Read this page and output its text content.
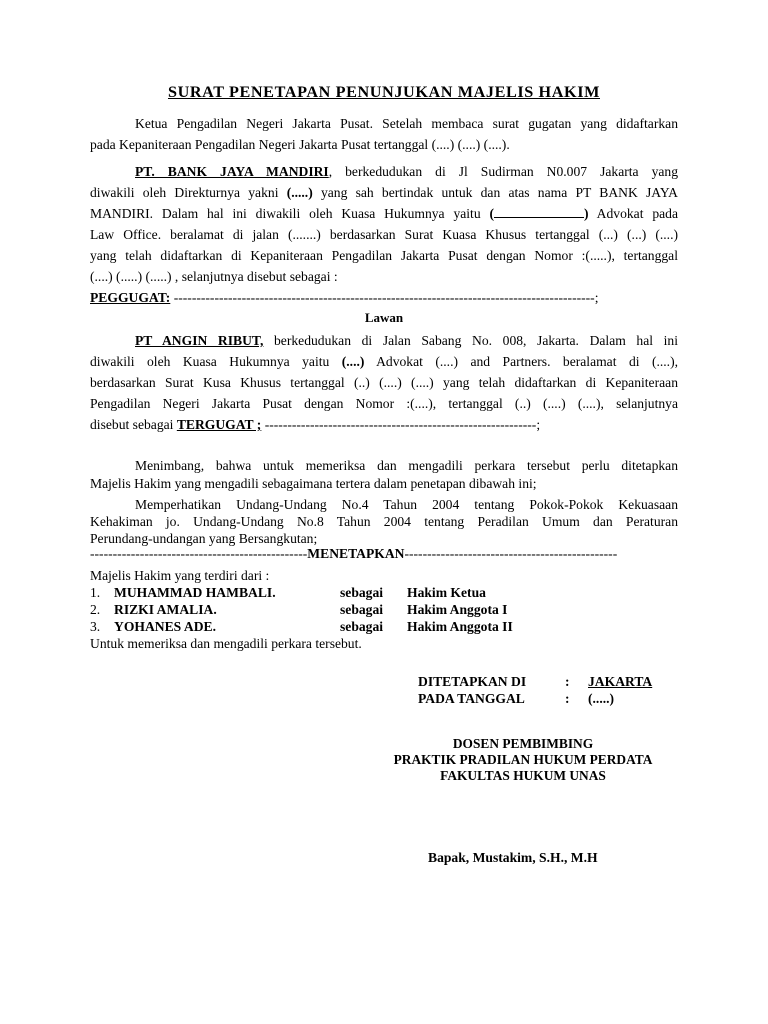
SURAT PENETAPAN PENUNJUKAN MAJELIS HAKIM
Ketua Pengadilan Negeri Jakarta Pusat. Setelah membaca surat gugatan yang didaftarkan
pada Kepaniteraan Pengadilan Negeri Jakarta Pusat tertanggal (....) (....) (....).
PT. BANK JAYA MANDIRI, berkedudukan di Jl Sudirman N0.007 Jakarta yang
diwakili oleh Direkturnya yakni (.....) yang sah bertindak untuk dan atas nama PT BANK JAYA
MANDIRI. Dalam hal ini diwakili oleh Kuasa Hukumnya yaitu (	) Advokat pada
Law Office. beralamat di jalan (.......) berdasarkan Surat Kuasa Khusus tertanggal (...) (...) (....)
yang telah didaftarkan di Kepaniteraan Pengadilan Jakarta Pusat dengan Nomor :(.....), tertanggal
(....) (.....) (.....) , selanjutnya disebut sebagai :
PEGGUGAT: ---------------------------------------------------------------------------------------------;
Lawan
PT ANGIN RIBUT, berkedudukan di Jalan Sabang No. 008, Jakarta. Dalam hal ini
diwakili oleh Kuasa Hukumnya yaitu (....) Advokat (....) and Partners. beralamat di (....),
berdasarkan Surat Kusa Khusus tertanggal (..) (....) (....) yang telah didaftarkan di Kepaniteraan
Pengadilan Negeri Jakarta Pusat dengan Nomor :(....), tertanggal (..) (....) (....), selanjutnya
disebut sebagai TERGUGAT ; ------------------------------------------------------------;
Menimbang, bahwa untuk memeriksa dan mengadili perkara tersebut perlu ditetapkan
Majelis Hakim yang mengadili sebagaimana tertera dalam penetapan dibawah ini;
Memperhatikan Undang-Undang No.4 Tahun 2004 tentang Pokok-Pokok Kekuasaan
Kehakiman jo. Undang-Undang No.8 Tahun 2004 tentang Peradilan Umum dan Peraturan
Perundang-undangan yang Bersangkutan;
------------------------------------------------MENETAPKAN-----------------------------------------------
Majelis Hakim yang terdiri dari :
1. MUHAMMAD HAMBALI.	sebagai Hakim Ketua
2. RIZKI AMALIA.	sebagai Hakim Anggota I
3. YOHANES ADE.	sebagai Hakim Anggota II
Untuk memeriksa dan mengadili perkara tersebut.
DITETAPKAN DI	: JAKARTA
PADA TANGGAL	: (.....)
DOSEN PEMBIMBING
PRAKTIK PRADILAN HUKUM PERDATA
FAKULTAS HUKUM UNAS
Bapak, Mustakim, S.H., M.H
